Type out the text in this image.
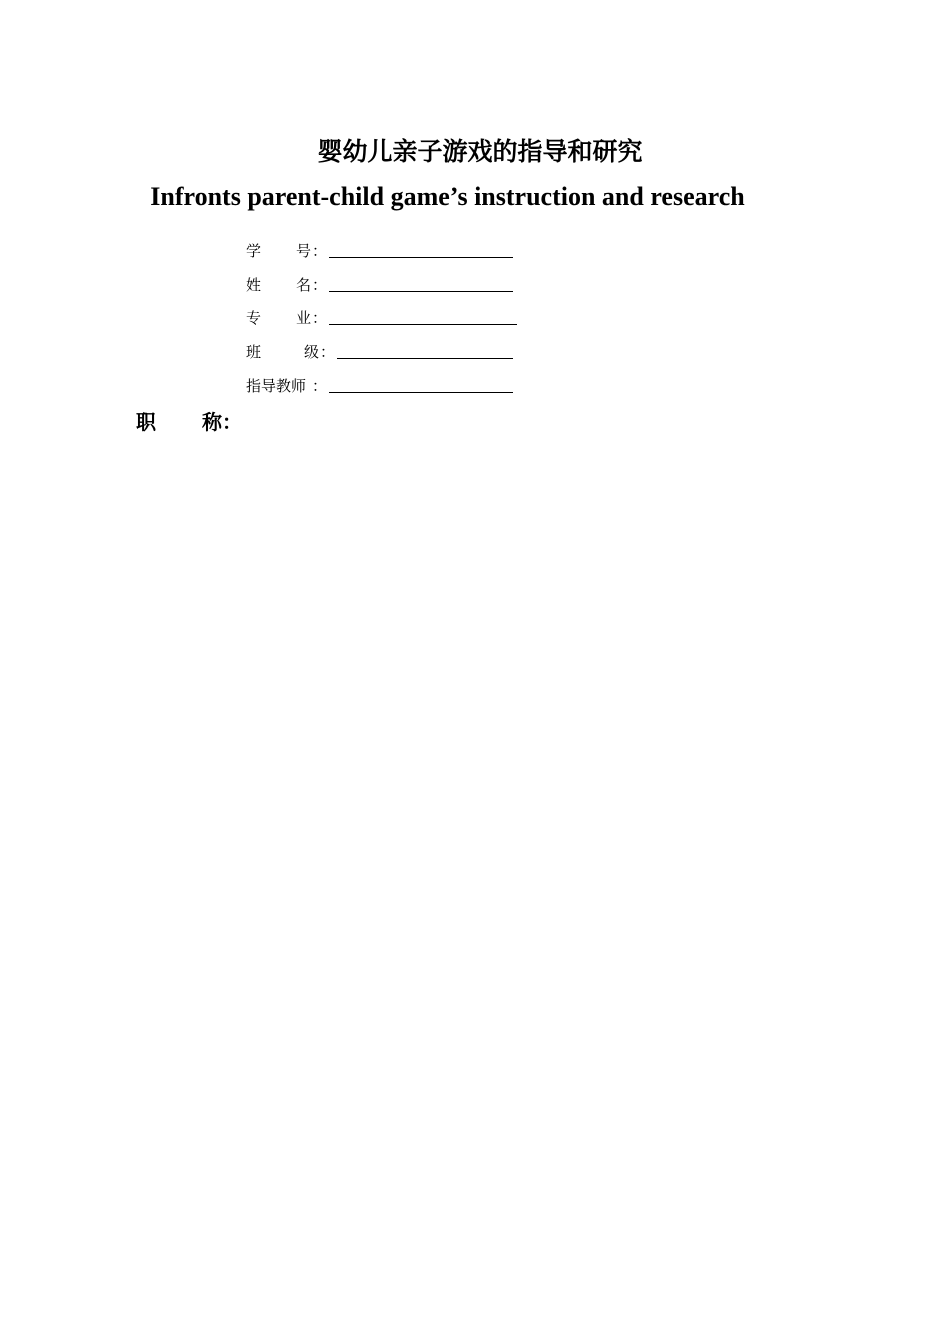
婴幼儿亲子游戏的指导和研究
Infronts parent-child game’s instruction and research
学 号 ：
姓 名 ：
专 业 ：
班	级 ：
指导教师 ：
职 称：
